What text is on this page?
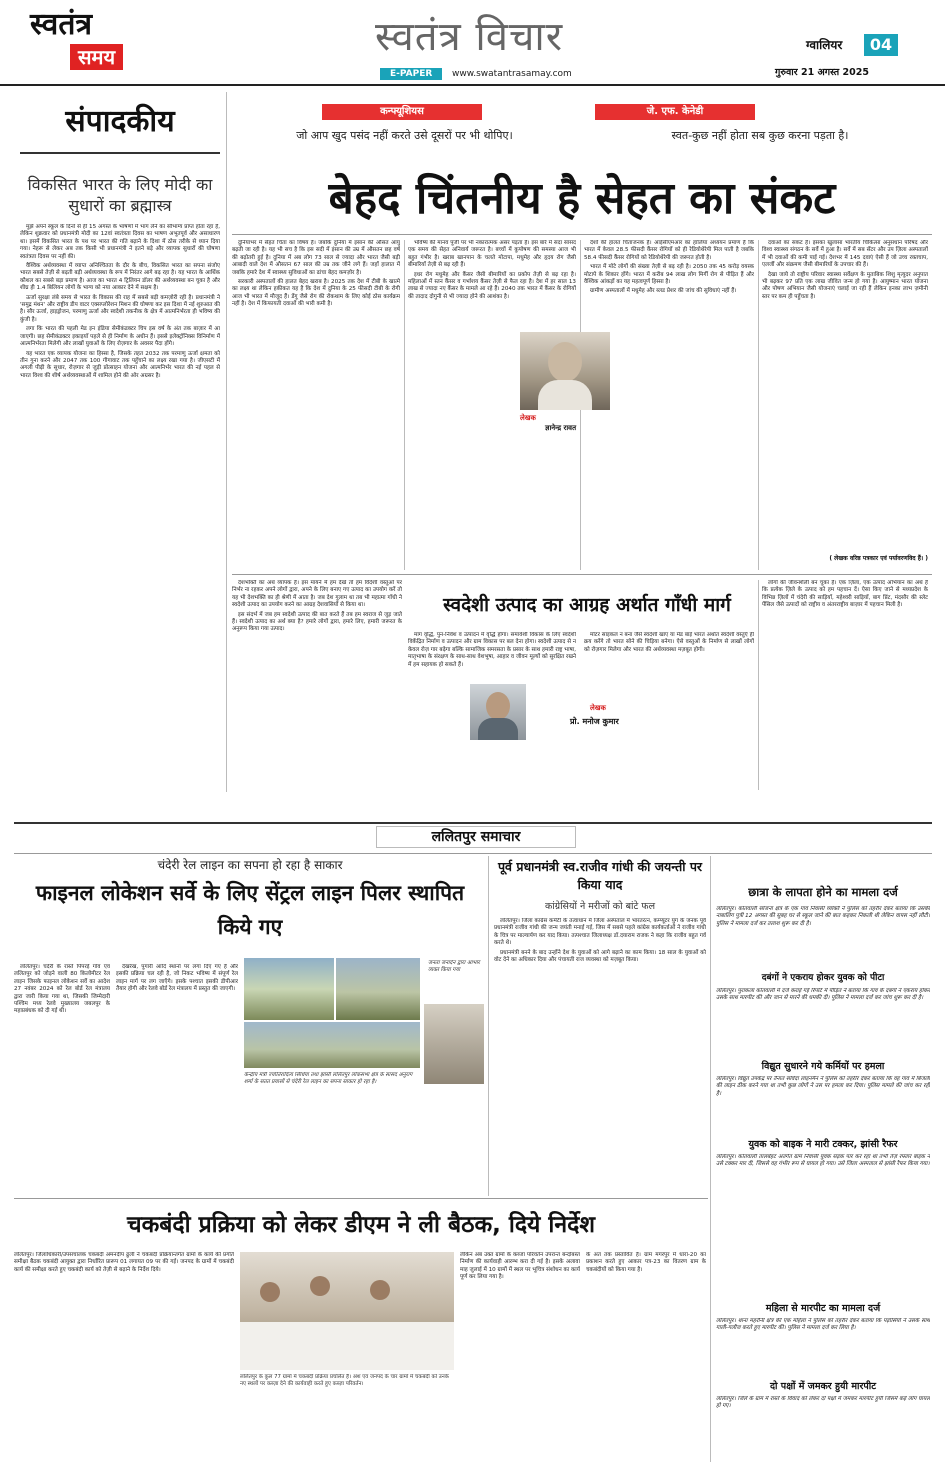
स्वतंत्र
समय	स्वतंत्र विचार
E-PAPER	www.swatantrasamay.com
ग्वालियर	04
गुरुवार 21 अगस्त 2025
संपादकीय
विकसित भारत के लिए मोदी का सुधारों का ब्रह्मास्त्र

मुझे अपने स्कूल के दिनों से ही 15 अगस्त के भाषणों में भाग लेने का सौभाग्य प्राप्त होता रहा है, लेकिन शुक्रवार को प्रधानमंत्री मोदी का 12वां स्वतंत्रता दिवस का भाषण अभूतपूर्व और असाधारण था। इसमें विकसित भारत के पथ पर भारत की गति बढ़ाने के दिशा में ठोस तरीके से ध्यान दिया गया। नेहरू से लेकर अब तक किसी भी प्रधानमंत्री ने इतने बड़े और व्यापक सुधारों की घोषणा स्वतंत्रता दिवस पर नहीं की।

वैश्विक अर्थव्यवस्था में व्याप्त अनिश्चितता के दौर के बीच, विकसित भारत का सपना संजोए भारत सबसे तेज़ी से बढ़ती बड़ी अर्थव्यवस्था के रूप में निरंतर आगे बढ़ रहा है। यह भारत के आर्थिक कौशल का सबसे बड़ा प्रमाण है। आज का भारत 4 ट्रिलियन डॉलर की अर्थव्यवस्था बन चुका है और शीघ्र ही 1.4 बिलियन लोगों के भाग्य को नया आकार देने में सक्षम है।

ऊर्जा सुरक्षा लंबे समय से भारत के विकास की राह में सबसे बड़ी कमज़ोरी रही है। प्रधानमंत्री ने 'समुद्र मंथन' और राष्ट्रीय डीप वाटर एक्सप्लोरेशन मिशन की घोषणा कर इस दिशा में नई शुरुआत की है। सौर ऊर्जा, हाइड्रोजन, परमाणु ऊर्जा और स्वदेशी तकनीक के क्षेत्र में आत्मनिर्भरता ही भविष्य की कुंजी है।

लगा कि भारत की पहली मेड इन इंडिया सेमीकंडक्टर चिप इस वर्ष के अंत तक बाज़ार में आ जाएगी। छह सेमीकंडक्टर इकाइयाँ पहले से ही निर्माण के अधीन हैं। इससे इलेक्ट्रॉनिक्स विनिर्माण में आत्मनिर्भरता मिलेगी और लाखों युवाओं के लिए रोज़गार के अवसर पैदा होंगे।

यह भारत एक व्यापक योजना का हिस्सा है, जिसके तहत 2032 तक परमाणु ऊर्जा क्षमता को तीन गुना करने और 2047 तक 100 गीगावाट तक पहुँचाने का लक्ष्य रखा गया है। जीएसटी में अगली पीढ़ी के सुधार, रोज़गार से जुड़ी प्रोत्साहन योजना और आत्मनिर्भर भारत की नई पहल से भारत विश्व की शीर्ष अर्थव्यवस्थाओं में शामिल होने की ओर अग्रसर है।

कन्फ्यूशियस
जो आप खुद पसंद नहीं करते उसे दूसरों पर भी थोपिए।
जे. एफ. केनेडी
स्वत-कुछ नहीं होता सब कुछ करना पड़ता है।
बेहद चिंतनीय है सेहत का संकट

दुनियाभर में सेहत चिंता का विषय है। जबकि दुनिया में इंसान की औसत आयु बढ़ती जा रही है। यह भी सच है कि इस सदी में इंसान की उम्र में औसतन छह वर्ष की बढ़ोतरी हुई है। दुनिया में अब लोग 73 साल से ज्यादा और भारत जैसी बड़ी आबादी वाले देश में औसतन 67 साल की उम्र तक जीने लगे हैं। जहाँ हालात में जबकि हमारे देश में स्वास्थ्य सुविधाओं का ढांचा बेहद कमज़ोर है।

सरकारी अस्पतालों की हालत बेहद खराब है। 2025 तक देश में टीबी के खात्मे का लक्ष्य था लेकिन हकीकत यह है कि देश में दुनिया के 25 फीसदी टीबी के रोगी आज भी भारत में मौजूद हैं। डेंगू जैसे रोग की रोकथाम के लिए कोई ठोस कार्यक्रम नहीं है। देश में किफायती दवाओं की भारी कमी है।

भविष्य की मानव पूंजी पर भी नकारात्मक असर पड़ता है। इस बारे में सदा सांसद एक समय की सेहत अनिवार्य जरूरत है। बच्चों में कुपोषण की समस्या आज भी बहुत गंभीर है। खराब खानपान के चलते मोटापा, मधुमेह और हृदय रोग जैसी बीमारियाँ तेज़ी से बढ़ रही हैं।

इधर रोग मधुमेह और कैंसर जैसी बीमारियों का प्रकोप तेज़ी से बढ़ रहा है। महिलाओं में स्तन कैंसर व गर्भाशय कैंसर तेज़ी से फैल रहा है। देश में हर साल 13 लाख से ज्यादा नए कैंसर के मामले आ रहे हैं। 2040 तक भारत में कैंसर के रोगियों की तादाद दोगुनी से भी ज्यादा होने की आशंका है।

लेखक
ज्ञानेन्द्र रावत

देशों की हालत चिंताजनक है। आईसीएमआर का हालिया अध्ययन प्रमाण है कि भारत में केवल 28.5 फीसदी कैंसर रोगियों को ही रेडियोथेरेपी मिल पाती है जबकि 58.4 फीसदी कैंसर रोगियों को रेडियोथेरेपी की जरूरत होती है।

भारत में मोटे लोगों की संख्या तेज़ी से बढ़ रही है। 2050 तक 45 करोड़ वयस्क मोटापे के शिकार होंगे। भारत में करीब 94 लाख लोग मिर्गी रोग से पीड़ित हैं और वैश्विक आंकड़ों का यह महत्वपूर्ण हिस्सा है।

ग्रामीण अस्पतालों में मधुमेह और ब्लड प्रेशर की जांच की सुविधाएं नहीं हैं।

दवाओं का संकट है। इसका खुलासा भारतीय चिकित्सा अनुसंधान परिषद और विश्व स्वास्थ्य संगठन के सर्वे में हुआ है। सर्वे में सब सेंटर और उप ज़िला अस्पतालों में भी दवाओं की कमी पाई गई। देशभर में 145 दवाएं ऐसी हैं जो उच्च रक्तचाप, एलर्जी और संक्रमण जैसी बीमारियों के उपचार की हैं।

देखा जाये तो राष्ट्रीय परिवार स्वास्थ्य सर्वेक्षण के मुताबिक शिशु मृत्युदर अनुपात भी बढ़कर 97 प्रति एक लाख जीवित जन्म हो गया है। आयुष्मान भारत योजना और पोषण अभियान जैसी योजनाएं चलाई जा रही हैं लेकिन इनका लाभ ज़मीनी स्तर पर कम ही पहुँचता है।

( लेखक वरिष्ठ पत्रकार एवं पर्यावरणविद हैं। )
स्वदेशी उत्पाद का आग्रह अर्थात गाँधी मार्ग

देशभक्ति का अर्थ व्यापक है। इस मायने में हम देखें तो हम विदेशी वस्तुओं पर निर्भर ना रहकर अपने लोगों द्वारा, अपने के लिए बनाए गए उत्पाद का उपयोग करें तो यह भी देशभक्ति का ही श्रेणी में आता है। जब देश गुलाम था तब भी महात्मा गाँधी ने स्वदेशी उत्पाद का उपयोग करने का आग्रह देशवासियों से किया था।

इस संदर्भ में जब हम स्वदेशी उत्पाद की बात करते हैं तब हम स्वराज से जुड़ जाते हैं। स्वदेशी उत्पाद का अर्थ क्या है? हमारे लोगों द्वारा, हमारे लिए, हमारी जरूरत के अनुरूप किया गया उत्पाद।

मांग वृद्धि, पुन-निवेश व उत्पादन में वृद्धि होगा। समावेशी विकास के लिए स्वदेशी विकेंद्रित निर्माण व उत्पादन और ग्राम विकास पर बल देना होगा। स्वदेशी उत्पाद से न केवल रोज़ गार बढ़ेगा बल्कि सामाजिक समरसता के प्रसार के साथ हमारी राष्ट्र भाषा, मातृभाषा के संरक्षण के साथ-साथ वेशभूषा, आहार व जीवन मूल्यों को सुरक्षित रखने में हम सहायक हो सकते हैं।

मोटर साइकल न बना जैसे स्वदेशी खाएं या मेड बाई भारत अर्थात स्वदेशी वस्तुएँ ही क्रय करेंगे तो भारत सोने की चिड़िया बनेगा। ऐसे वस्तुओं के निर्माण से लाखों लोगों को रोज़गार मिलेगा और भारत की अर्थव्यवस्था मज़बूत होगी।

लेखक
प्रो. मनोज कुमार

लोगों की जीवनशैली बन चुका है। एक ज़िला, एक उत्पाद अभियान का अर्थ है कि प्रत्येक ज़िले के उत्पाद को हम पहचान दें। ऐसा किए जाने से मध्यप्रदेश के विभिन्न ज़िलों में चंदेरी की साड़ियाँ, महेश्वरी साड़ियाँ, बाग प्रिंट, मंदसौर की स्लेट पेंसिल जैसे उत्पादों को राष्ट्रीय व अंतरराष्ट्रीय बाज़ार में पहचान मिली है।

ललितपुर समाचार
चंदेरी रेल लाइन का सपना हो रहा है साकार
फाइनल लोकेशन सर्वे के लिए सेंट्रल लाइन पिलर स्थापित किये गए

ललितपुर। चंदेरी के रास्ते पिपरई गाँव एवं ललितपुर को जोड़ने वाली 80 किलोमीटर रेल लाइन जिसके फाइनल लोकेशन सर्वे का आदेश 27 नवंबर 2024 को रेल बोर्ड रेल मंत्रालय द्वारा जारी किया गया था, जिसकी जिम्मेदारी पश्चिम मध्य रेलवे मुख्यालय जबलपुर के महाप्रबंधक को दी गई थी।

देखरेख, पुगारी आदि स्थानों पर लगा दिए गए हैं और इसकी प्रक्रिया चल रही है, जो निकट भविष्य में संपूर्ण रेल लाइन मार्ग पर लग जाएँगे। इसके पश्चात इसकी डीपीआर तैयार होगी और रेलवे बोर्ड रेल मंत्रालय में प्रस्तुत की जाएगी।

केन्द्रीय मंत्री ज्योतिरादित्य सिंधिया तथा झांसी ललितपुर लोकसभा क्षेत्र के सांसद अनुराग शर्मा के सतत प्रयासों से चंदेरी रेल लाइन का सपना साकार हो रहा है।
जनता जनार्दन द्वारा आभार व्यक्त किया गया
पूर्व प्रधानमंत्री स्व.राजीव गांधी की जयन्ती पर किया याद
कांग्रेसियों ने मरीजों को बांटे फल

ललितपुर। जिला कांग्रेस कमेटी के तत्वाधान में जिला अस्पताल में भारतरत्न, कम्प्यूटर युग के जनक पूर्व प्रधानमंत्री राजीव गांधी की जन्म जयंती मनाई गई, जिस में सबसे पहले कांग्रेस कार्यकर्ताओं ने राजीव गांधी के चित्र पर माल्यार्पण कर याद किया। तत्पश्चात जिलाध्यक्ष डॉ.दयाराम राजक ने कहा कि राजीव बहुत गर्व करते थे।

प्रधानमंत्री बनने के बाद उन्होंने देश के युवाओं को आगे बढ़ाने का काम किया। 18 साल के युवाओं को वोट देने का अधिकार दिया और पंचायती राज व्यवस्था को मज़बूत किया।

छात्रा के लापता होने का मामला दर्ज
ललितपुर। कोतवाली सोजना क्षेत्र के एक गांव निवासी व्यक्ति ने पुलिस को तहरीर देकर बताया कि उसकी नाबालिग पुत्री 12 अगस्त की सुबह घर से स्कूल जाने की बात कहकर निकली थी लेकिन वापस नहीं लौटी। पुलिस ने मामला दर्ज कर तलाश शुरू कर दी है।
दबंगों ने एकराय होकर युवक को पीटा
ललितपुर। पुराकलां कोतवाली में दर्ज कराई गई रिपोर्ट में पीड़ित ने बताया कि गांव के दबंगों ने एकराय होकर उसके साथ मारपीट की और जान से मारने की धमकी दी। पुलिस ने मामला दर्ज कर जांच शुरू कर दी है।
विद्युत सुधारने गये कर्मियों पर हमला
ललितपुर। विद्युत उपकेंद्र पर तैनात संविदा लाइनमैन ने पुलिस को तहरीर देकर बताया कि वह गांव में बिजली की लाइन ठीक करने गया था तभी कुछ लोगों ने उस पर हमला कर दिया। पुलिस मामले की जांच कर रही है।
युवक को बाइक ने मारी टक्कर, झांसी रैफर
ललितपुर। कोतवाली तालबेहट अंतर्गत ग्राम निवासी युवक सड़क पार कर रहा था तभी तेज़ रफ्तार बाइक ने उसे टक्कर मार दी, जिससे वह गंभीर रूप से घायल हो गया। उसे जिला अस्पताल से झांसी रैफर किया गया।
महिला से मारपीट का मामला दर्ज
ललितपुर। थाना महरौनी क्षेत्र की एक महिला ने पुलिस को तहरीर देकर बताया कि पड़ोसियों ने उसके साथ गाली-गलौज करते हुए मारपीट की। पुलिस ने मामला दर्ज कर लिया है।
दो पक्षों में जमकर हुयी मारपीट
ललितपुर। जिले के ग्राम में रास्ते के विवाद को लेकर दो पक्षों में जमकर मारपीट हुयी जिसमें कई लोग घायल हो गए।
चकबंदी प्रक्रिया को लेकर डीएम ने ली बैठक, दिये निर्देश
ललितपुर। जिलाधिकारी/उपसंचालक चकबंदी अमनदीप ढुली ने चकबंदी प्रक्रियान्तर्गत ग्रामों के कार्य की प्रगति समीक्षा बैठक चकबंदी आयुक्त द्वारा निर्धारित प्रारूप 01 लगायत 09 पर की गई। जनपद के ग्रामों में चकबंदी कार्य की समीक्षा करते हुए चकबंदी कार्य को तेज़ी से बढ़ाने के निर्देश दिये।
ललितपुर के कुल 77 ग्रामों में चकबंदी प्रक्रिया प्रचलित है। अंश एवं जनपद के चार ग्रामों में चकबंदी को उनके नए स्थलों पर कब्ज़ा देने की कार्यवाही करते हुए कब्ज़ा परिवर्तन।
लेकिन अब उक्त ग्रामों के कब्जा परिवर्तन उपरान्त बन्दोबस्त निर्माण की कार्यवाही आरम्भ करा दी गई है। इसके अलावा माह जुलाई में 10 ग्रामों में स्थल पर भूचित्र संशोधन का कार्य पूर्ण कर लिया गया है।
के अंत तक प्रस्तावित है। ग्राम मगरपुर में धारा-20 का प्रकाशन करते हुए आकार पत्र-23 का वितरण ग्राम के चकबंदीयों को किया गया है।
